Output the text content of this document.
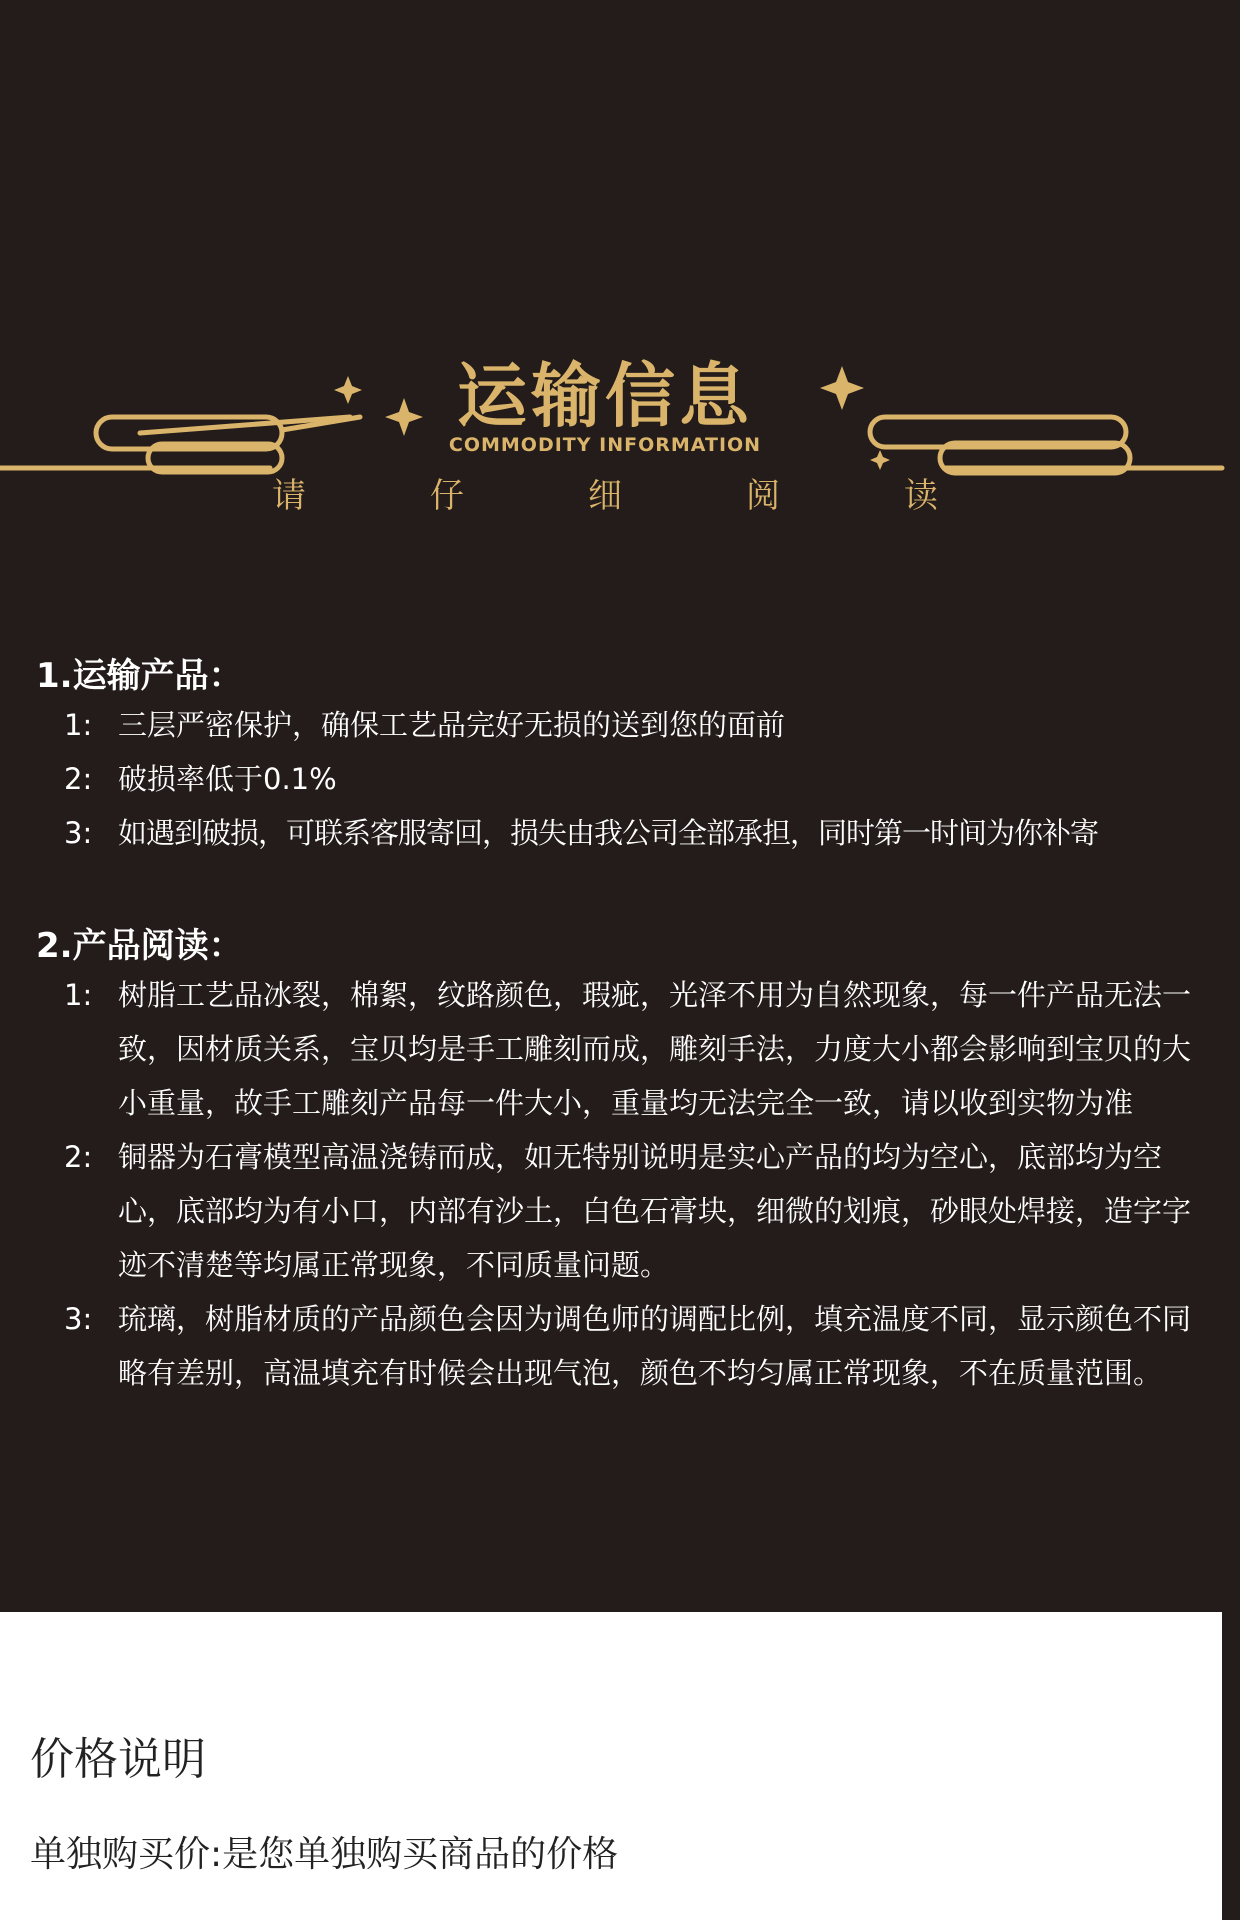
运输信息
COMMODITY INFORMATION
请 仔 细 阅 读
1.运输产品：
1: 三层严密保护，确保工艺品完好无损的送到您的面前
2: 破损率低于0.1%
3: 如遇到破损，可联系客服寄回，损失由我公司全部承担，同时第一时间为你补寄
2.产品阅读：
1: 树脂工艺品冰裂，棉絮，纹路颜色，瑕疵，光泽不用为自然现象，每一件产品无法一致，因材质关系，宝贝均是手工雕刻而成，雕刻手法，力度大小都会影响到宝贝的大小重量，故手工雕刻产品每一件大小，重量均无法完全一致，请以收到实物为准
2: 铜器为石膏模型高温浇铸而成，如无特别说明是实心产品的均为空心，底部均为空心，底部均为有小口，内部有沙土，白色石膏块，细微的划痕，砂眼处焊接，造字字迹不清楚等均属正常现象，不同质量问题。
3: 琉璃，树脂材质的产品颜色会因为调色师的调配比例，填充温度不同，显示颜色不同略有差别，高温填充有时候会出现气泡，颜色不均匀属正常现象，不在质量范围。
价格说明
单独购买价:是您单独购买商品的价格
